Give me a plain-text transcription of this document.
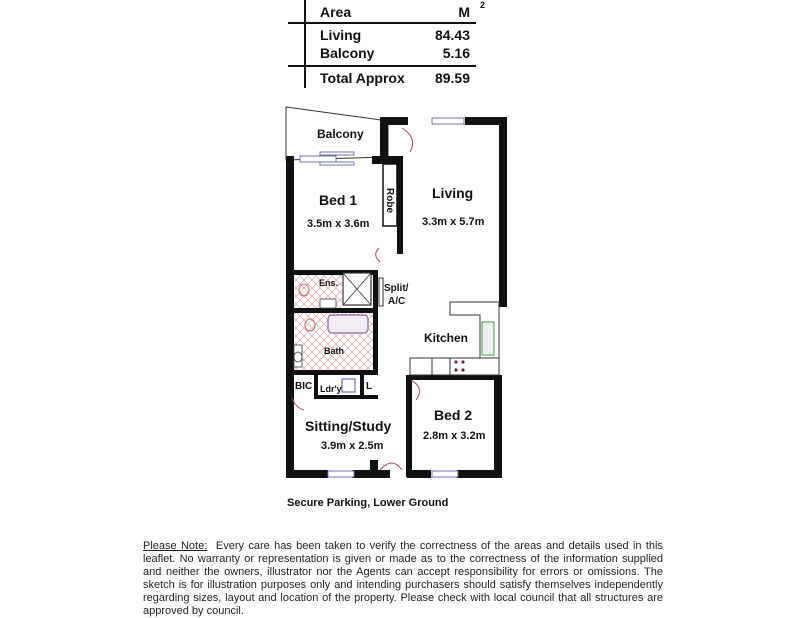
Area	M
Living	84.43
Balcony	5.16
Total Approx 89.59
2
Balcony
Bed 1
3.5m x 3.6m
Robe	Living
3.3m x 5.7m
Ens.	Split/
A/C
Bath
Kitchen
BIC Ldr'y L
Sitting/Study
3.9m x 2.5m
Bed 2
2.8m x 3.2m
Secure Parking, Lower Ground
Please Note: Every care has been taken to verify the correctness of the areas and details used in this leaflet. No warranty or representation is given or made as to the correctness of the information supplied and neither the owners, illustrator nor the Agents can accept responsibility for errors or omissions. The sketch is for illustration purposes only and intending purchasers should satisfy themselves independently regarding sizes, layout and location of the property. Please check with local council that all structures are approved by council.
